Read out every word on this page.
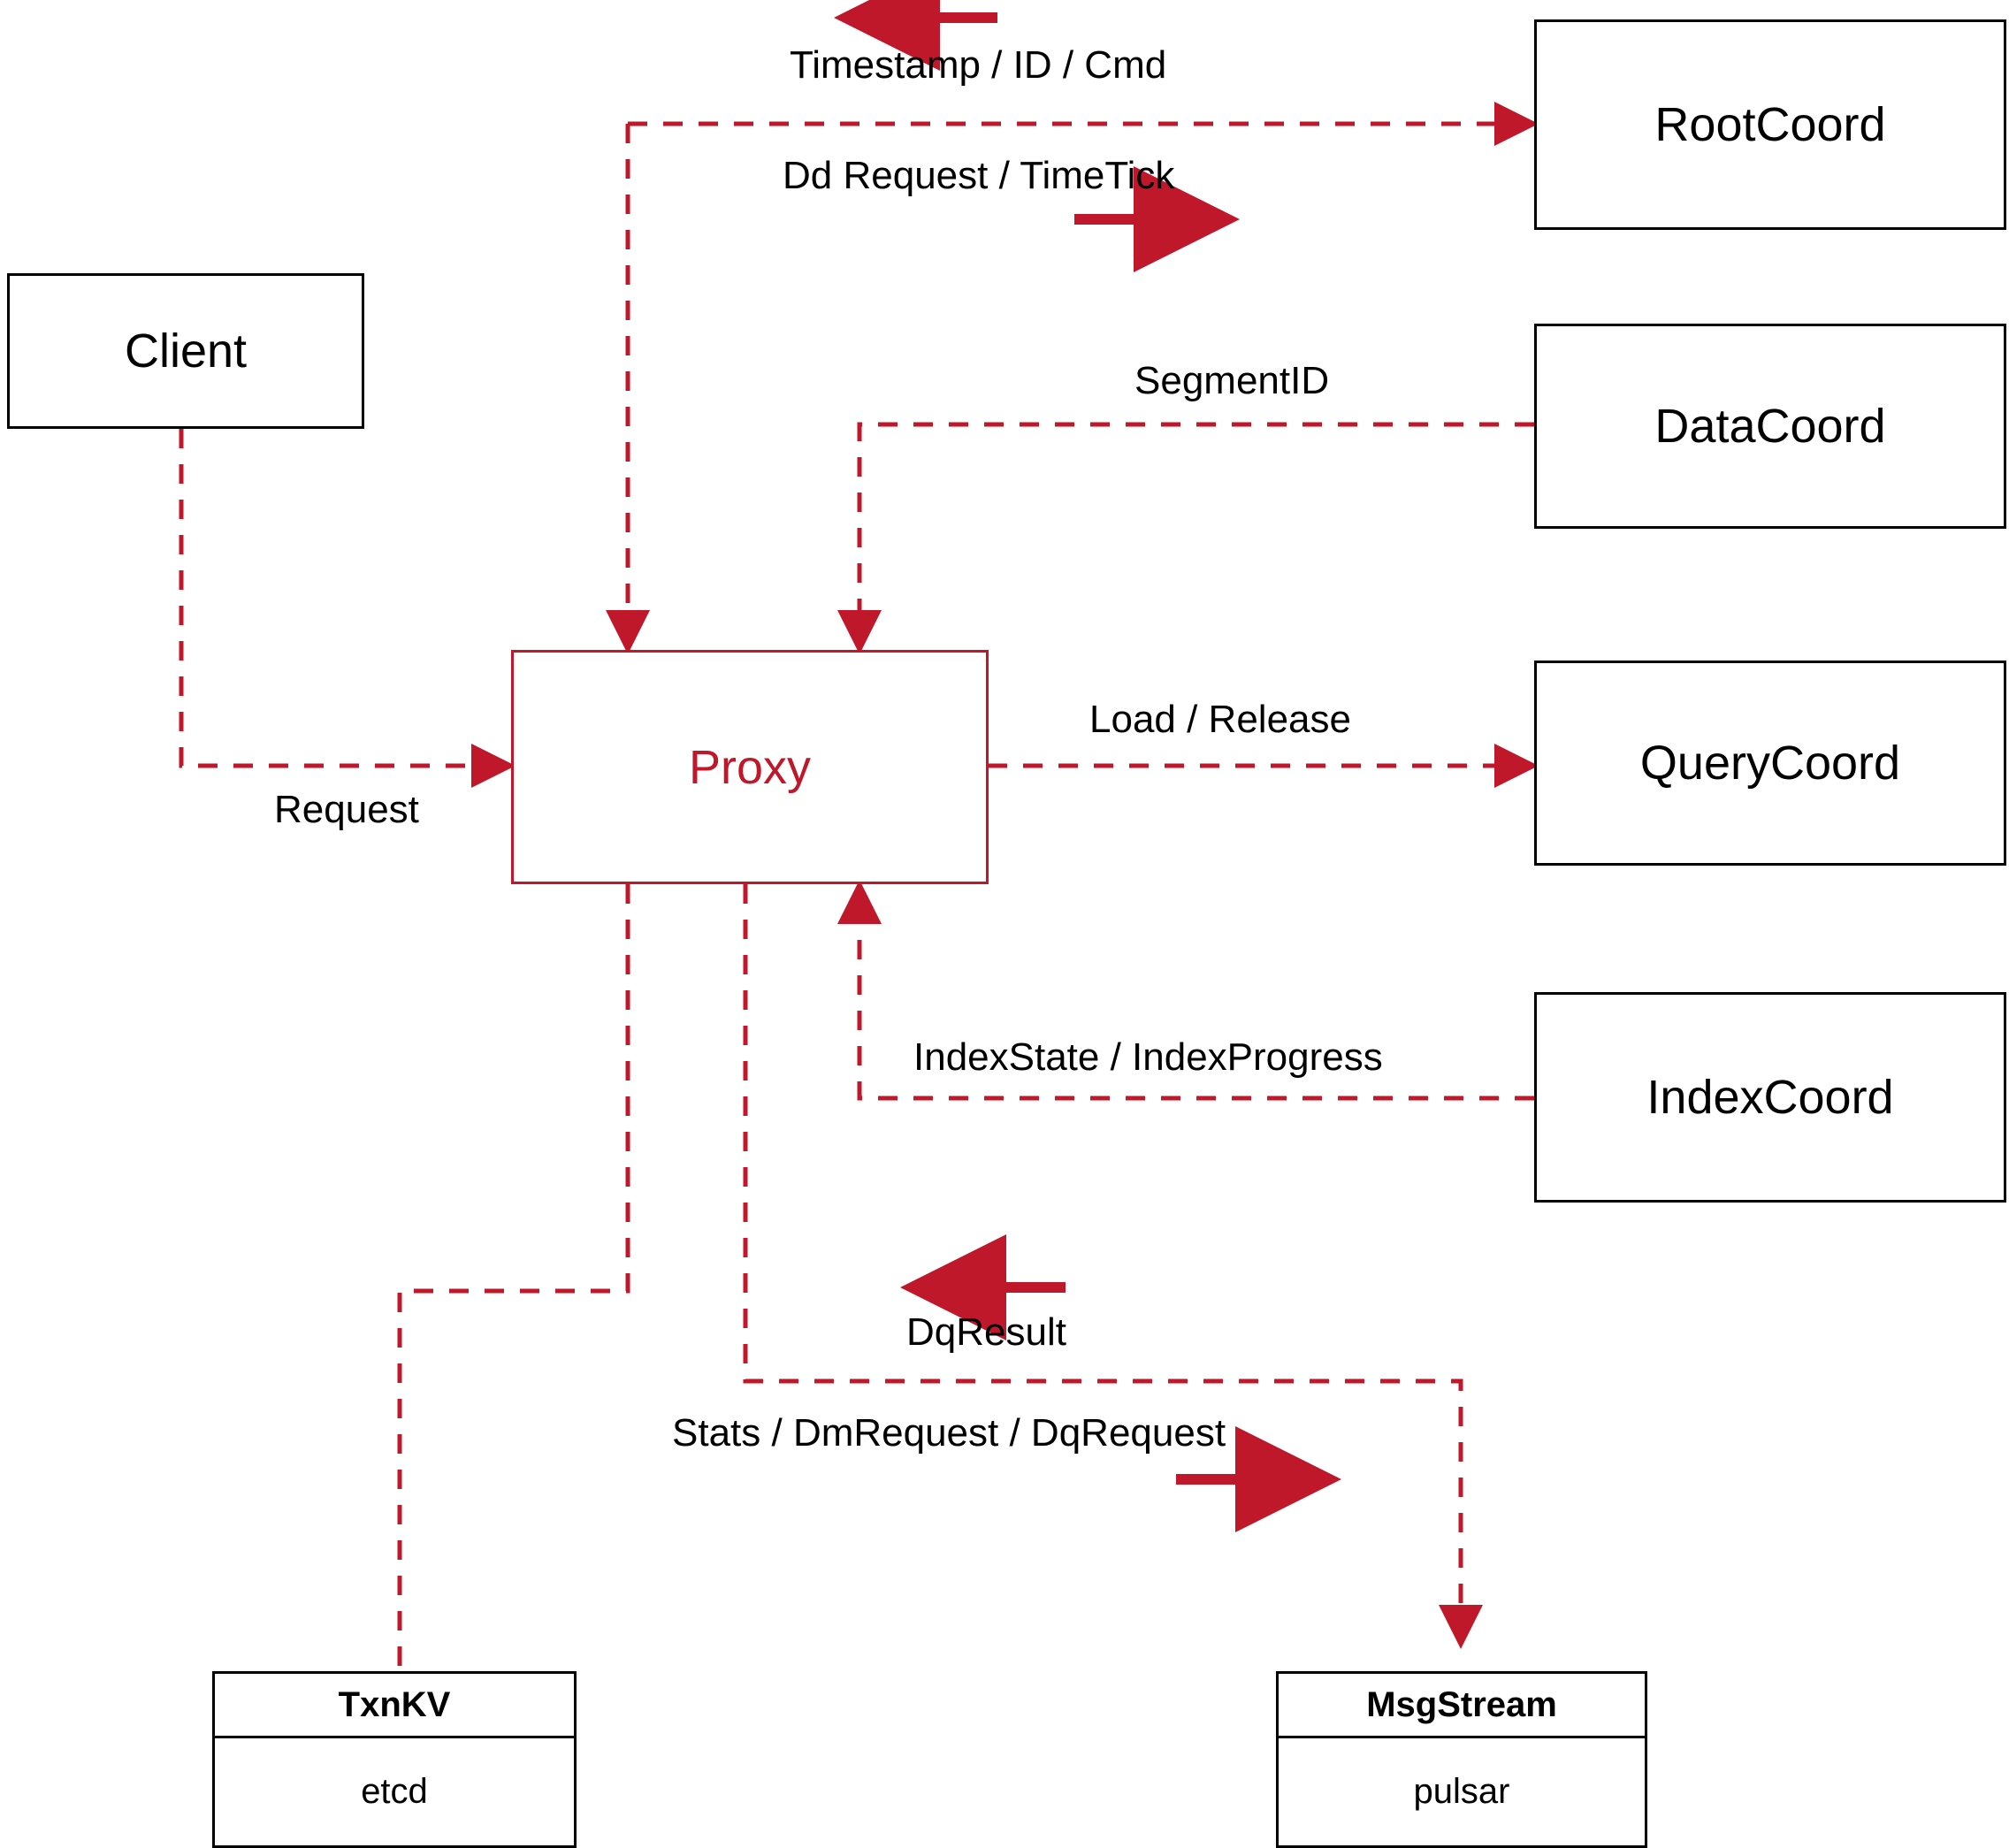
Client
Proxy
RootCoord
DataCoord
QueryCoord
IndexCoord
TxnKV
etcd
MsgStream
pulsar
Timestamp / ID / Cmd
Dd Request / TimeTick
SegmentID
Request
Load / Release
IndexState / IndexProgress
DqResult
Stats / DmRequest / DqRequest
